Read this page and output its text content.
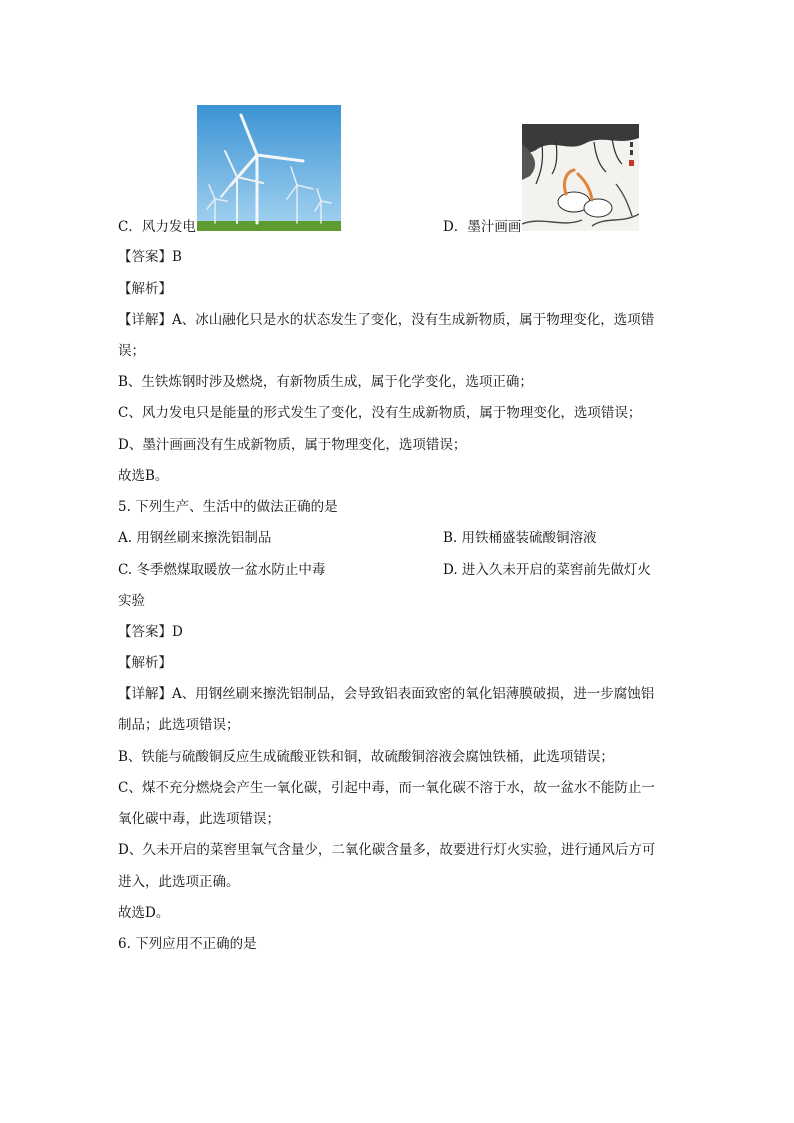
C．风力发电	D．墨汁画画
【答案】B
【解析】
【详解】A、冰山融化只是水的状态发生了变化，没有生成新物质，属于物理变化，选项错
误；
B、生铁炼钢时涉及燃烧，有新物质生成，属于化学变化，选项正确；
C、风力发电只是能量的形式发生了变化，没有生成新物质，属于物理变化，选项错误；
D、墨汁画画没有生成新物质，属于物理变化，选项错误；
故选B。
5. 下列生产、生活中的做法正确的是
A. 用钢丝刷来擦洗铝制品	B. 用铁桶盛装硫酸铜溶液
C. 冬季燃煤取暖放一盆水防止中毒	D. 进入久未开启的菜窖前先做灯火
实验
【答案】D
【解析】
【详解】A、用钢丝刷来擦洗铝制品，会导致铝表面致密的氧化铝薄膜破损，进一步腐蚀铝
制品；此选项错误；
B、铁能与硫酸铜反应生成硫酸亚铁和铜，故硫酸铜溶液会腐蚀铁桶，此选项错误；
C、煤不充分燃烧会产生一氧化碳，引起中毒，而一氧化碳不溶于水，故一盆水不能防止一
氧化碳中毒，此选项错误；
D、久未开启的菜窖里氧气含量少，二氧化碳含量多，故要进行灯火实验，进行通风后方可
进入，此选项正确。
故选D。
6. 下列应用不正确的是
